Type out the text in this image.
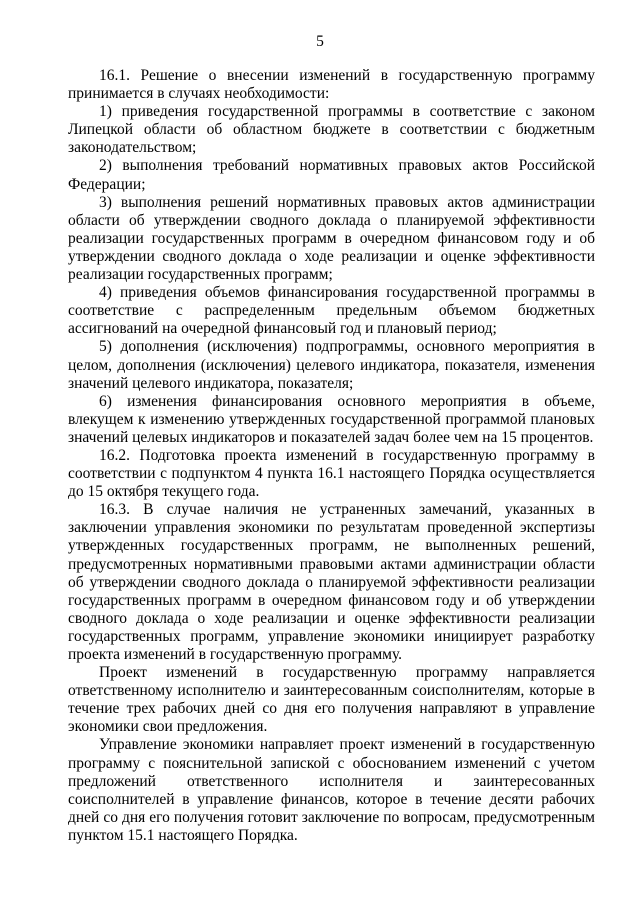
5

16.1. Решение о внесении изменений в государственную программу принимается в случаях необходимости:

1) приведения государственной программы в соответствие с законом Липецкой области об областном бюджете в соответствии с бюджетным законодательством;

2) выполнения требований нормативных правовых актов Российской Федерации;

3) выполнения решений нормативных правовых актов администрации области об утверждении сводного доклада о планируемой эффективности реализации государственных программ в очередном финансовом году и об утверждении сводного доклада о ходе реализации и оценке эффективности реализации государственных программ;

4) приведения объемов финансирования государственной программы в соответствие с распределенным предельным объемом бюджетных ассигнований на очередной финансовый год и плановый период;

5) дополнения (исключения) подпрограммы, основного мероприятия в целом, дополнения (исключения) целевого индикатора, показателя, изменения значений целевого индикатора, показателя;

6) изменения финансирования основного мероприятия в объеме, влекущем к изменению утвержденных государственной программой плановых значений целевых индикаторов и показателей задач более чем на 15 процентов.

16.2. Подготовка проекта изменений в государственную программу в соответствии с подпунктом 4 пункта 16.1 настоящего Порядка осуществляется до 15 октября текущего года.

16.3. В случае наличия не устраненных замечаний, указанных в заключении управления экономики по результатам проведенной экспертизы утвержденных государственных программ, не выполненных решений, предусмотренных нормативными правовыми актами администрации области об утверждении сводного доклада о планируемой эффективности реализации государственных программ в очередном финансовом году и об утверждении сводного доклада о ходе реализации и оценке эффективности реализации государственных программ, управление экономики инициирует разработку проекта изменений в государственную программу.

Проект изменений в государственную программу направляется ответственному исполнителю и заинтересованным соисполнителям, которые в течение трех рабочих дней со дня его получения направляют в управление экономики свои предложения.

Управление экономики направляет проект изменений в государственную программу с пояснительной запиской с обоснованием изменений с учетом предложений ответственного исполнителя и заинтересованных соисполнителей в управление финансов, которое в течение десяти рабочих дней со дня его получения готовит заключение по вопросам, предусмотренным пунктом 15.1 настоящего Порядка.
